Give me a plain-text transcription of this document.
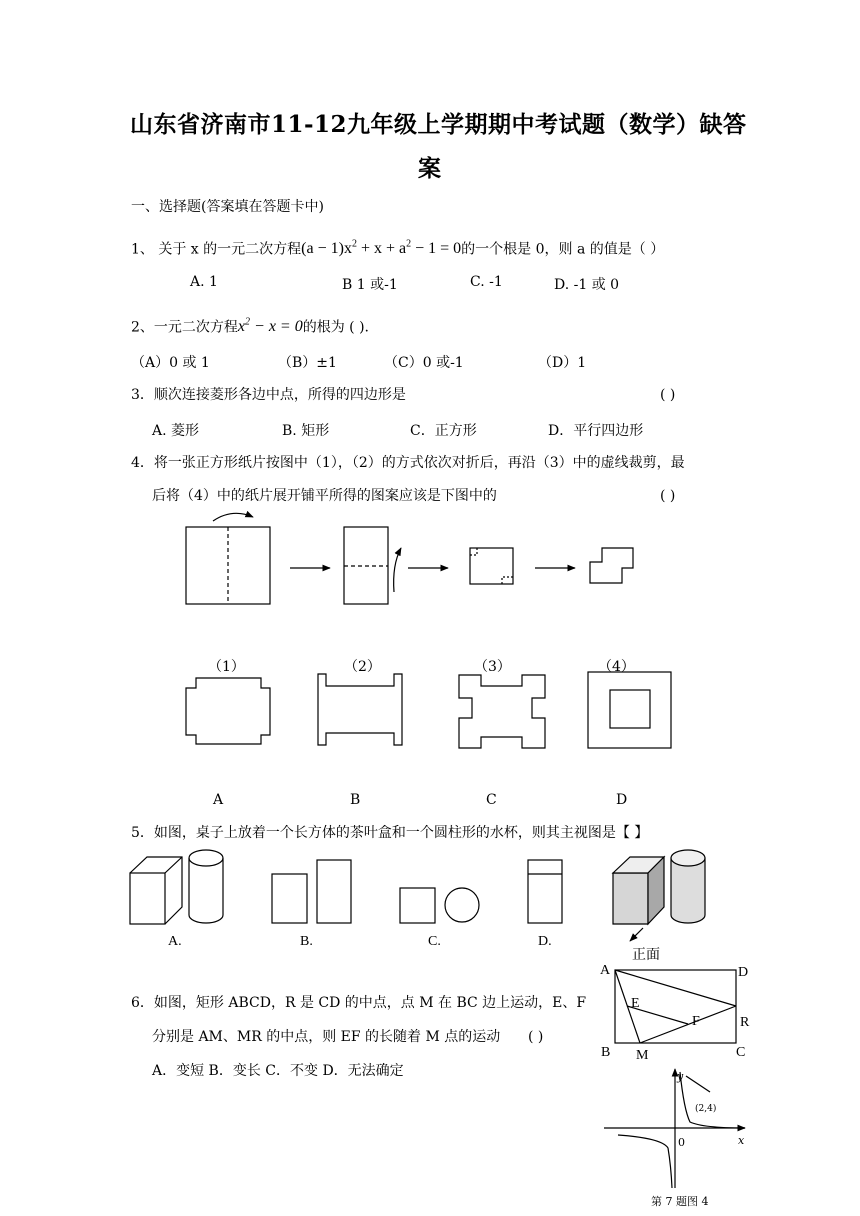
山东省济南市11-12九年级上学期期中考试题（数学）缺答
案
一、选择题(答案填在答题卡中)
1、 关于 x 的一元二次方程$(a - 1)x^2 + x + a^2 - 1 = 0$的一个根是 0，则 a 的值是（ ）
A. 1	B 1 或-1	C. -1	D. -1 或 0
2、一元二次方程$x^2 - x = 0$的根为 ( ).
（A）0 或 1	（B）±1	（C）0 或-1	（D）1
3．顺次连接菱形各边中点，所得的四边形是	( )
A. 菱形	B. 矩形	C．正方形	D．平行四边形
4．将一张正方形纸片按图中（1），（2）的方式依次对折后，再沿（3）中的虚线裁剪，最
后将（4）中的纸片展开铺平所得的图案应该是下图中的	( )
（1）	（2）	（3）	（4）
A	B	C	D
5．如图，桌子上放着一个长方体的茶叶盒和一个圆柱形的水杯，则其主视图是【 】
A.	B.	C.	D.
正面
6．如图，矩形 ABCD，R 是 CD 的中点，点 M 在 BC 边上运动，E、F
分别是 AM、MR 的中点，则 EF 的长随着 M 点的运动 ( )
A．变短 B．变长 C．不变 D．无法确定
A	D
E
F	R
B M	C
y
x
0
(2,4)
第 7 题图 4
